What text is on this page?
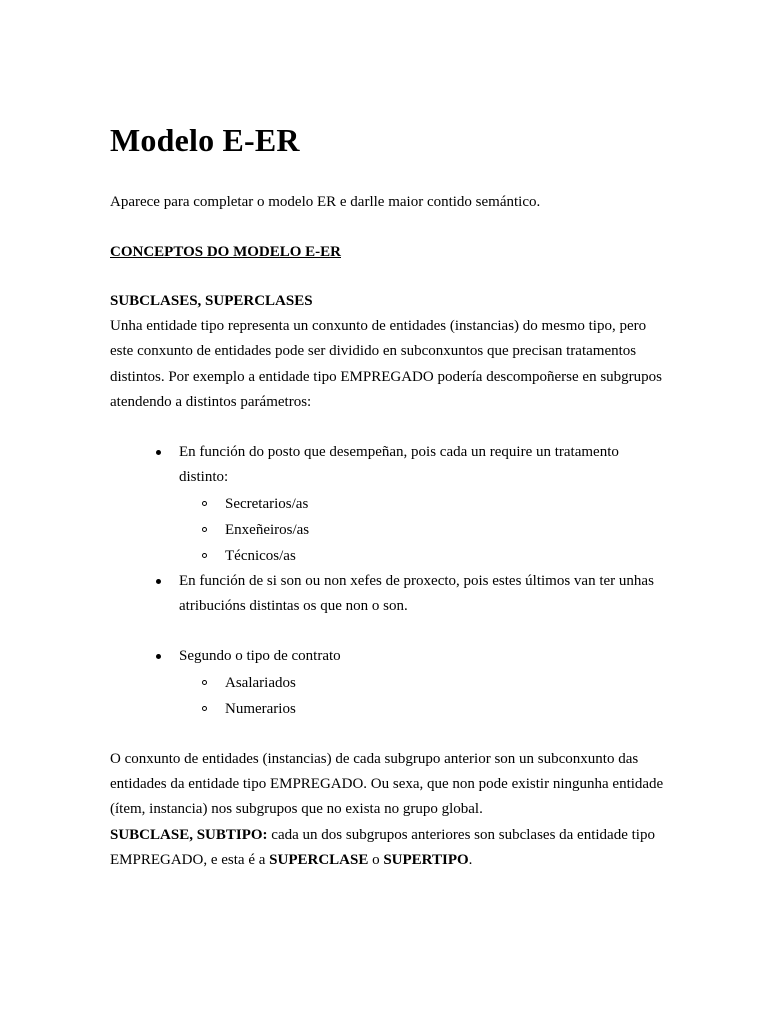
Modelo E-ER

Aparece para completar o modelo ER e darlle maior contido semántico.

CONCEPTOS DO MODELO E-ER

SUBCLASES, SUPERCLASES

Unha entidade tipo representa un conxunto de entidades (instancias) do mesmo tipo, pero este conxunto de entidades pode ser dividido en subconxuntos que precisan tratamentos distintos. Por exemplo a entidade tipo EMPREGADO podería descompoñerse en subgrupos atendendo a distintos parámetros:

En función do posto que desempeñan, pois cada un require un tratamento distinto:
Secretarios/as
Enxeñeiros/as
Técnicos/as
En función de si son ou non xefes de proxecto, pois estes últimos van ter unhas atribucións distintas os que non o son.
Segundo o tipo de contrato
Asalariados
Numerarios

O conxunto de entidades (instancias) de cada subgrupo anterior son un subconxunto das entidades da entidade tipo EMPREGADO. Ou sexa, que non pode existir ningunha entidade (ítem, instancia) nos subgrupos que no exista no grupo global.

SUBCLASE, SUBTIPO: cada un dos subgrupos anteriores son subclases da entidade tipo EMPREGADO, e esta é a SUPERCLASE o SUPERTIPO.
